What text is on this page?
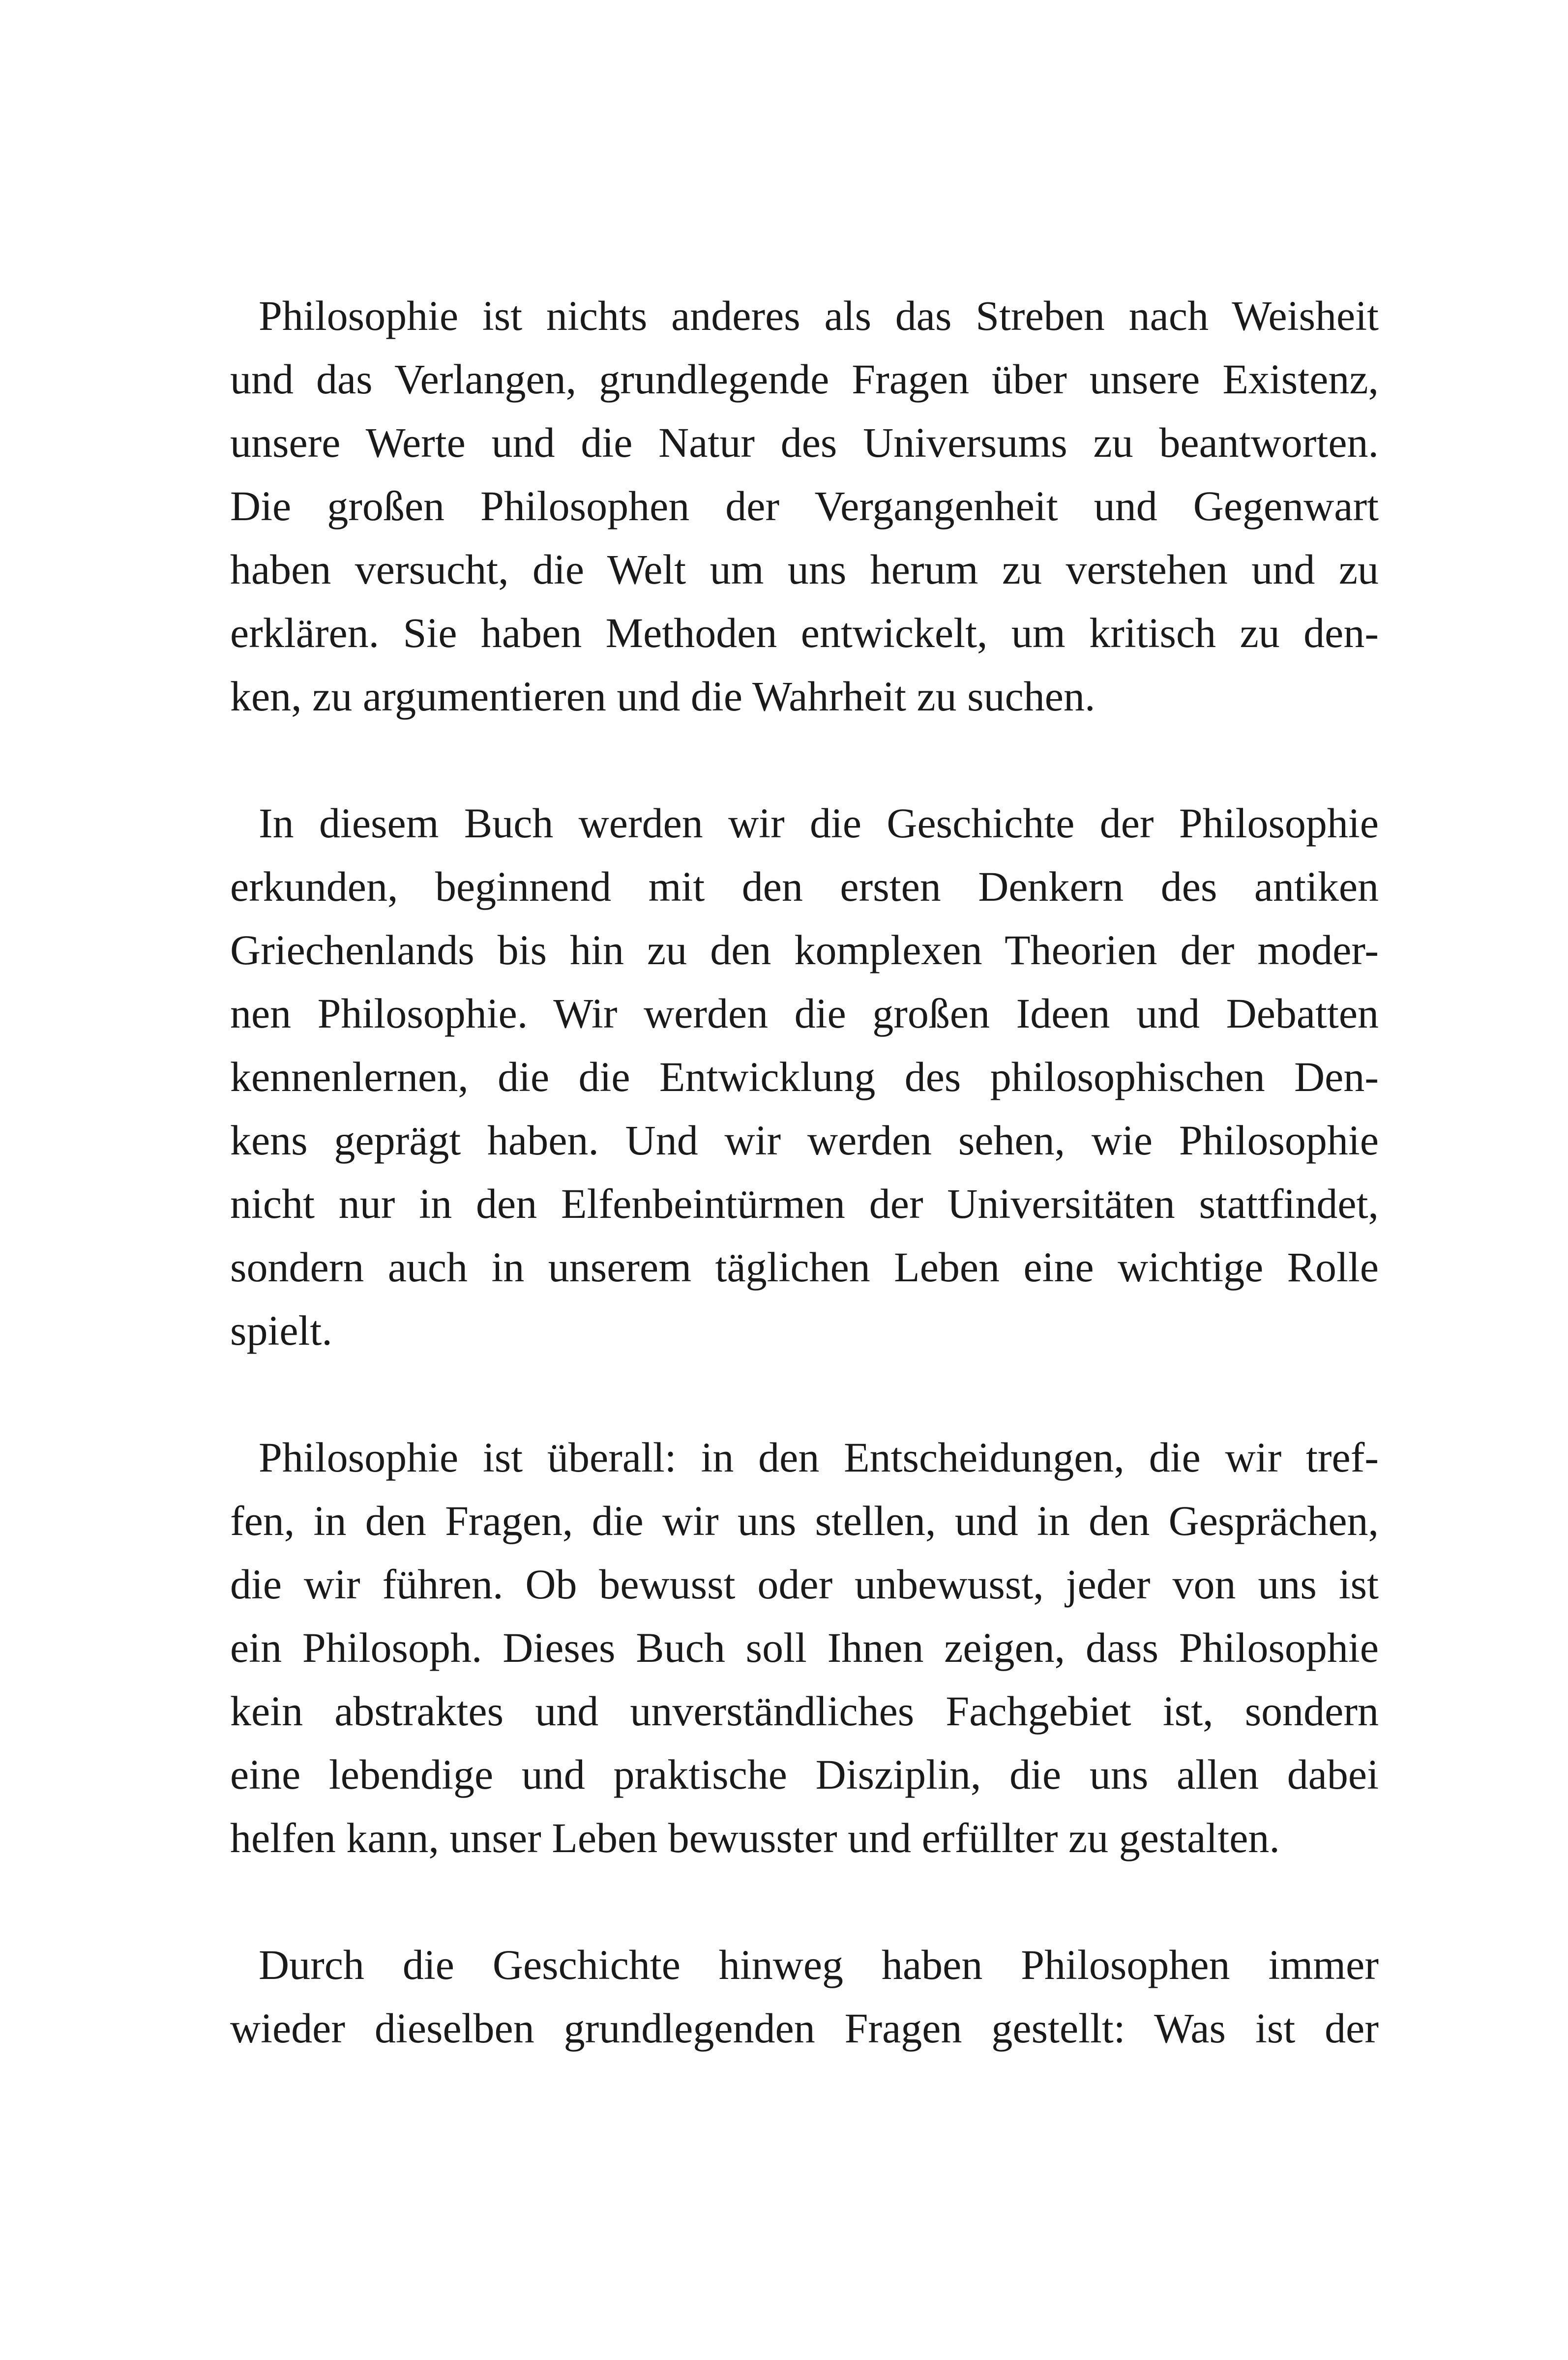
Philosophie ist nichts anderes als das Streben nach Weisheit
und das Verlangen, grundlegende Fragen über unsere Existenz,
unsere Werte und die Natur des Universums zu beantworten.
Die großen Philosophen der Vergangenheit und Gegenwart
haben versucht, die Welt um uns herum zu verstehen und zu
erklären. Sie haben Methoden entwickelt, um kritisch zu den-
ken, zu argumentieren und die Wahrheit zu suchen.
In diesem Buch werden wir die Geschichte der Philosophie
erkunden, beginnend mit den ersten Denkern des antiken
Griechenlands bis hin zu den komplexen Theorien der moder-
nen Philosophie. Wir werden die großen Ideen und Debatten
kennenlernen, die die Entwicklung des philosophischen Den-
kens geprägt haben. Und wir werden sehen, wie Philosophie
nicht nur in den Elfenbeintürmen der Universitäten stattfindet,
sondern auch in unserem täglichen Leben eine wichtige Rolle
spielt.
Philosophie ist überall: in den Entscheidungen, die wir tref-
fen, in den Fragen, die wir uns stellen, und in den Gesprächen,
die wir führen. Ob bewusst oder unbewusst, jeder von uns ist
ein Philosoph. Dieses Buch soll Ihnen zeigen, dass Philosophie
kein abstraktes und unverständliches Fachgebiet ist, sondern
eine lebendige und praktische Disziplin, die uns allen dabei
helfen kann, unser Leben bewusster und erfüllter zu gestalten.
Durch die Geschichte hinweg haben Philosophen immer
wieder dieselben grundlegenden Fragen gestellt: Was ist der
